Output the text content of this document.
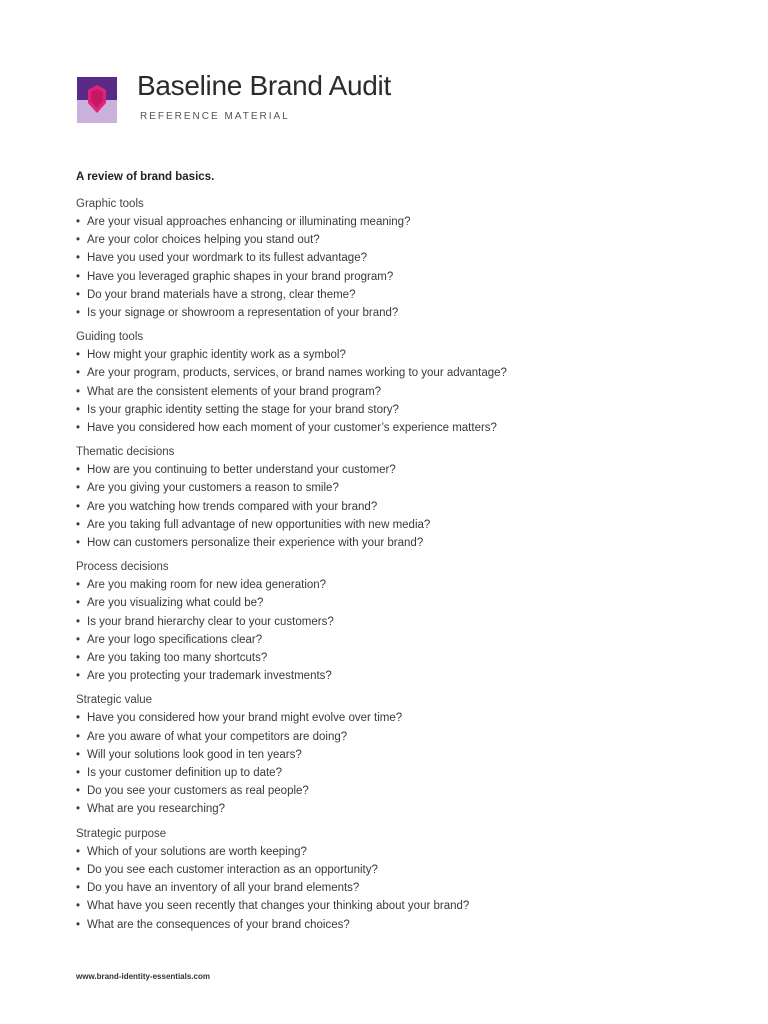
Baseline Brand Audit
REFERENCE MATERIAL
A review of brand basics.
Graphic tools
• Are your visual approaches enhancing or illuminating meaning?
• Are your color choices helping you stand out?
• Have you used your wordmark to its fullest advantage?
• Have you leveraged graphic shapes in your brand program?
• Do your brand materials have a strong, clear theme?
• Is your signage or showroom a representation of your brand?
Guiding tools
• How might your graphic identity work as a symbol?
• Are your program, products, services, or brand names working to your advantage?
• What are the consistent elements of your brand program?
• Is your graphic identity setting the stage for your brand story?
• Have you considered how each moment of your customer’s experience matters?
Thematic decisions
• How are you continuing to better understand your customer?
• Are you giving your customers a reason to smile?
• Are you watching how trends compared with your brand?
• Are you taking full advantage of new opportunities with new media?
• How can customers personalize their experience with your brand?
Process decisions
• Are you making room for new idea generation?
• Are you visualizing what could be?
• Is your brand hierarchy clear to your customers?
• Are your logo specifications clear?
• Are you taking too many shortcuts?
• Are you protecting your trademark investments?
Strategic value
• Have you considered how your brand might evolve over time?
• Are you aware of what your competitors are doing?
• Will your solutions look good in ten years?
• Is your customer definition up to date?
• Do you see your customers as real people?
• What are you researching?
Strategic purpose
• Which of your solutions are worth keeping?
• Do you see each customer interaction as an opportunity?
• Do you have an inventory of all your brand elements?
• What have you seen recently that changes your thinking about your brand?
• What are the consequences of your brand choices?
www.brand-identity-essentials.com
